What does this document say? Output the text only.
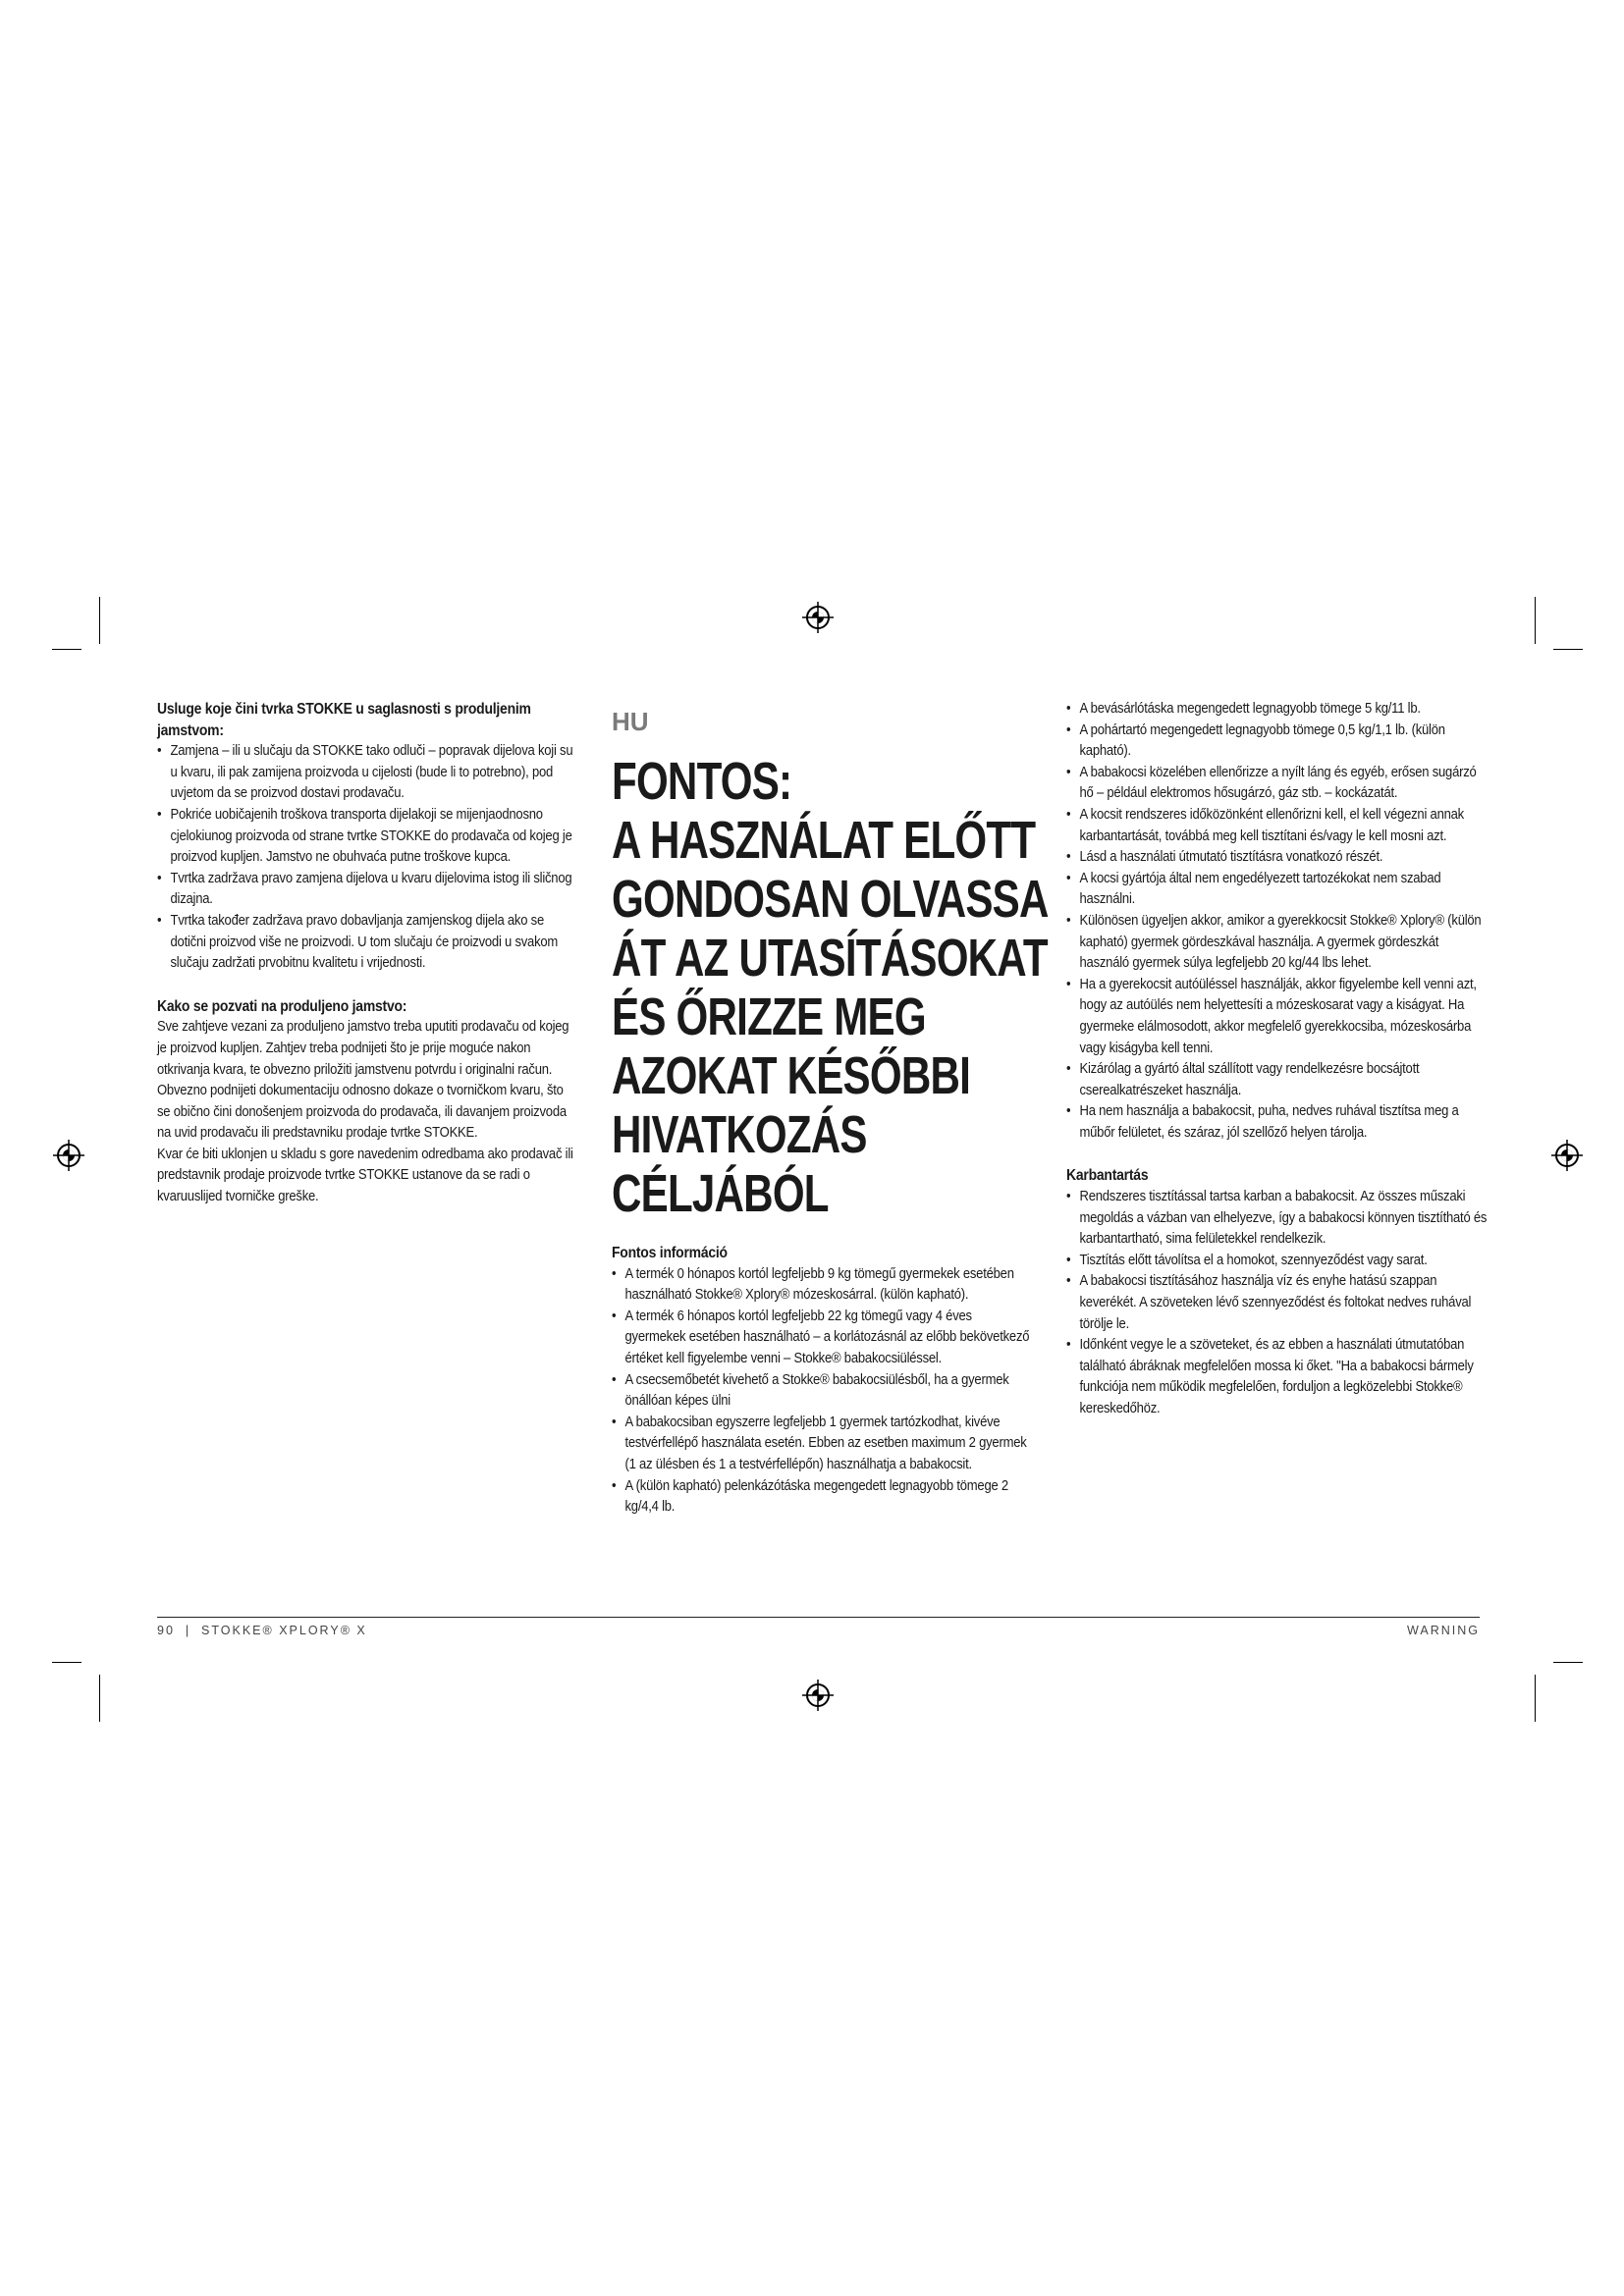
Usluge koje čini tvrka STOKKE u saglasnosti s produljenim jamstvom:
• Zamjena – ili u slučaju da STOKKE tako odluči – popravak dijelova koji su u kvaru, ili pak zamijena proizvoda u cijelosti (bude li to potrebno), pod uvjetom da se proizvod dostavi prodavaču.
• Pokriće uobičajenih troškova transporta dijelakoji se mijenjaodnosno cjelokiunog proizvoda od strane tvrtke STOKKE do prodavača od kojeg je proizvod kupljen. Jamstvo ne obuhvaća putne troškove kupca.
• Tvrtka zadržava pravo zamjena dijelova u kvaru dijelovima istog ili sličnog dizajna.
• Tvrtka također zadržava pravo dobavljanja zamjenskog dijela ako se dotični proizvod više ne proizvodi. U tom slučaju će proizvodi u svakom slučaju zadržati prvobitnu kvalitetu i vrijednosti.
Kako se pozvati na produljeno jamstvo:

Sve zahtjeve vezani za produljeno jamstvo treba uputiti prodavaču od kojeg je proizvod kupljen. Zahtjev treba podnijeti što je prije moguće nakon otkrivanja kvara, te obvezno priložiti jamstvenu potvrdu i originalni račun.

Obvezno podnijeti dokumentaciju odnosno dokaze o tvorničkom kvaru, što se obično čini donošenjem proizvoda do prodavača, ili davanjem proizvoda na uvid prodavaču ili predstavniku prodaje tvrtke STOKKE.

Kvar će biti uklonjen u skladu s gore navedenim odredbama ako prodavač ili predstavnik prodaje proizvode tvrtke STOKKE ustanove da se radi o kvaruuslijed tvorničke greške.

HU
FONTOS:
A HASZNÁLAT ELŐTT
GONDOSAN OLVASSA
ÁT AZ UTASÍTÁSOKAT
ÉS ŐRIZZE MEG
AZOKAT KÉSŐBBI
HIVATKOZÁS
CÉLJÁBÓL
Fontos információ
• A termék 0 hónapos kortól legfeljebb 9 kg tömegű gyermekek esetében használható Stokke® Xplory® mózeskosárral. (külön kapható).
• A termék 6 hónapos kortól legfeljebb 22 kg tömegű vagy 4 éves gyermekek esetében használható – a korlátozásnál az előbb bekövetkező értéket kell figyelembe venni – Stokke® babakocsiüléssel.
• A csecsemőbetét kivehető a Stokke® babakocsiülésből, ha a gyermek önállóan képes ülni
• A babakocsiban egyszerre legfeljebb 1 gyermek tartózkodhat, kivéve testvérfellépő használata esetén. Ebben az esetben maximum 2 gyermek (1 az ülésben és 1 a testvérfellépőn) használhatja a babakocsit.
• A (külön kapható) pelenkázótáska megengedett legnagyobb tömege 2 kg/4,4 lb.
• A bevásárlótáska megengedett legnagyobb tömege 5 kg/11 lb.
• A pohártartó megengedett legnagyobb tömege 0,5 kg/1,1 lb. (külön kapható).
• A babakocsi közelében ellenőrizze a nyílt láng és egyéb, erősen sugárzó hő – például elektromos hősugárzó, gáz stb. – kockázatát.
• A kocsit rendszeres időközönként ellenőrizni kell, el kell végezni annak karbantartását, továbbá meg kell tisztítani és/vagy le kell mosni azt.
• Lásd a használati útmutató tisztításra vonatkozó részét.
• A kocsi gyártója által nem engedélyezett tartozékokat nem szabad használni.
• Különösen ügyeljen akkor, amikor a gyerekkocsit Stokke® Xplory® (külön kapható) gyermek gördeszkával használja. A gyermek gördeszkát használó gyermek súlya legfeljebb 20 kg/44 lbs lehet.
• Ha a gyerekocsit autóüléssel használják, akkor figyelembe kell venni azt, hogy az autóülés nem helyettesíti a mózeskosarat vagy a kiságyat. Ha gyermeke elálmosodott, akkor megfelelő gyerekkocsiba, mózeskosárba vagy kiságyba kell tenni.
• Kizárólag a gyártó által szállított vagy rendelkezésre bocsájtott cserealkatrészeket használja.
• Ha nem használja a babakocsit, puha, nedves ruhával tisztítsa meg a műbőr felületet, és száraz, jól szellőző helyen tárolja.
Karbantartás
• Rendszeres tisztítással tartsa karban a babakocsit. Az összes műszaki megoldás a vázban van elhelyezve, így a babakocsi könnyen tisztítható és karbantartható, sima felületekkel rendelkezik.
• Tisztítás előtt távolítsa el a homokot, szennyeződést vagy sarat.
• A babakocsi tisztításához használja víz és enyhe hatású szappan keverékét. A szöveteken lévő szennyeződést és foltokat nedves ruhával törölje le.
• Időnként vegye le a szöveteket, és az ebben a használati útmutatóban található ábráknak megfelelően mossa ki őket. "Ha a babakocsi bármely funkciója nem működik megfelelően, forduljon a legközelebbi Stokke® kereskedőhöz.
90  |  STOKKE® XPLORY® X	WARNING
